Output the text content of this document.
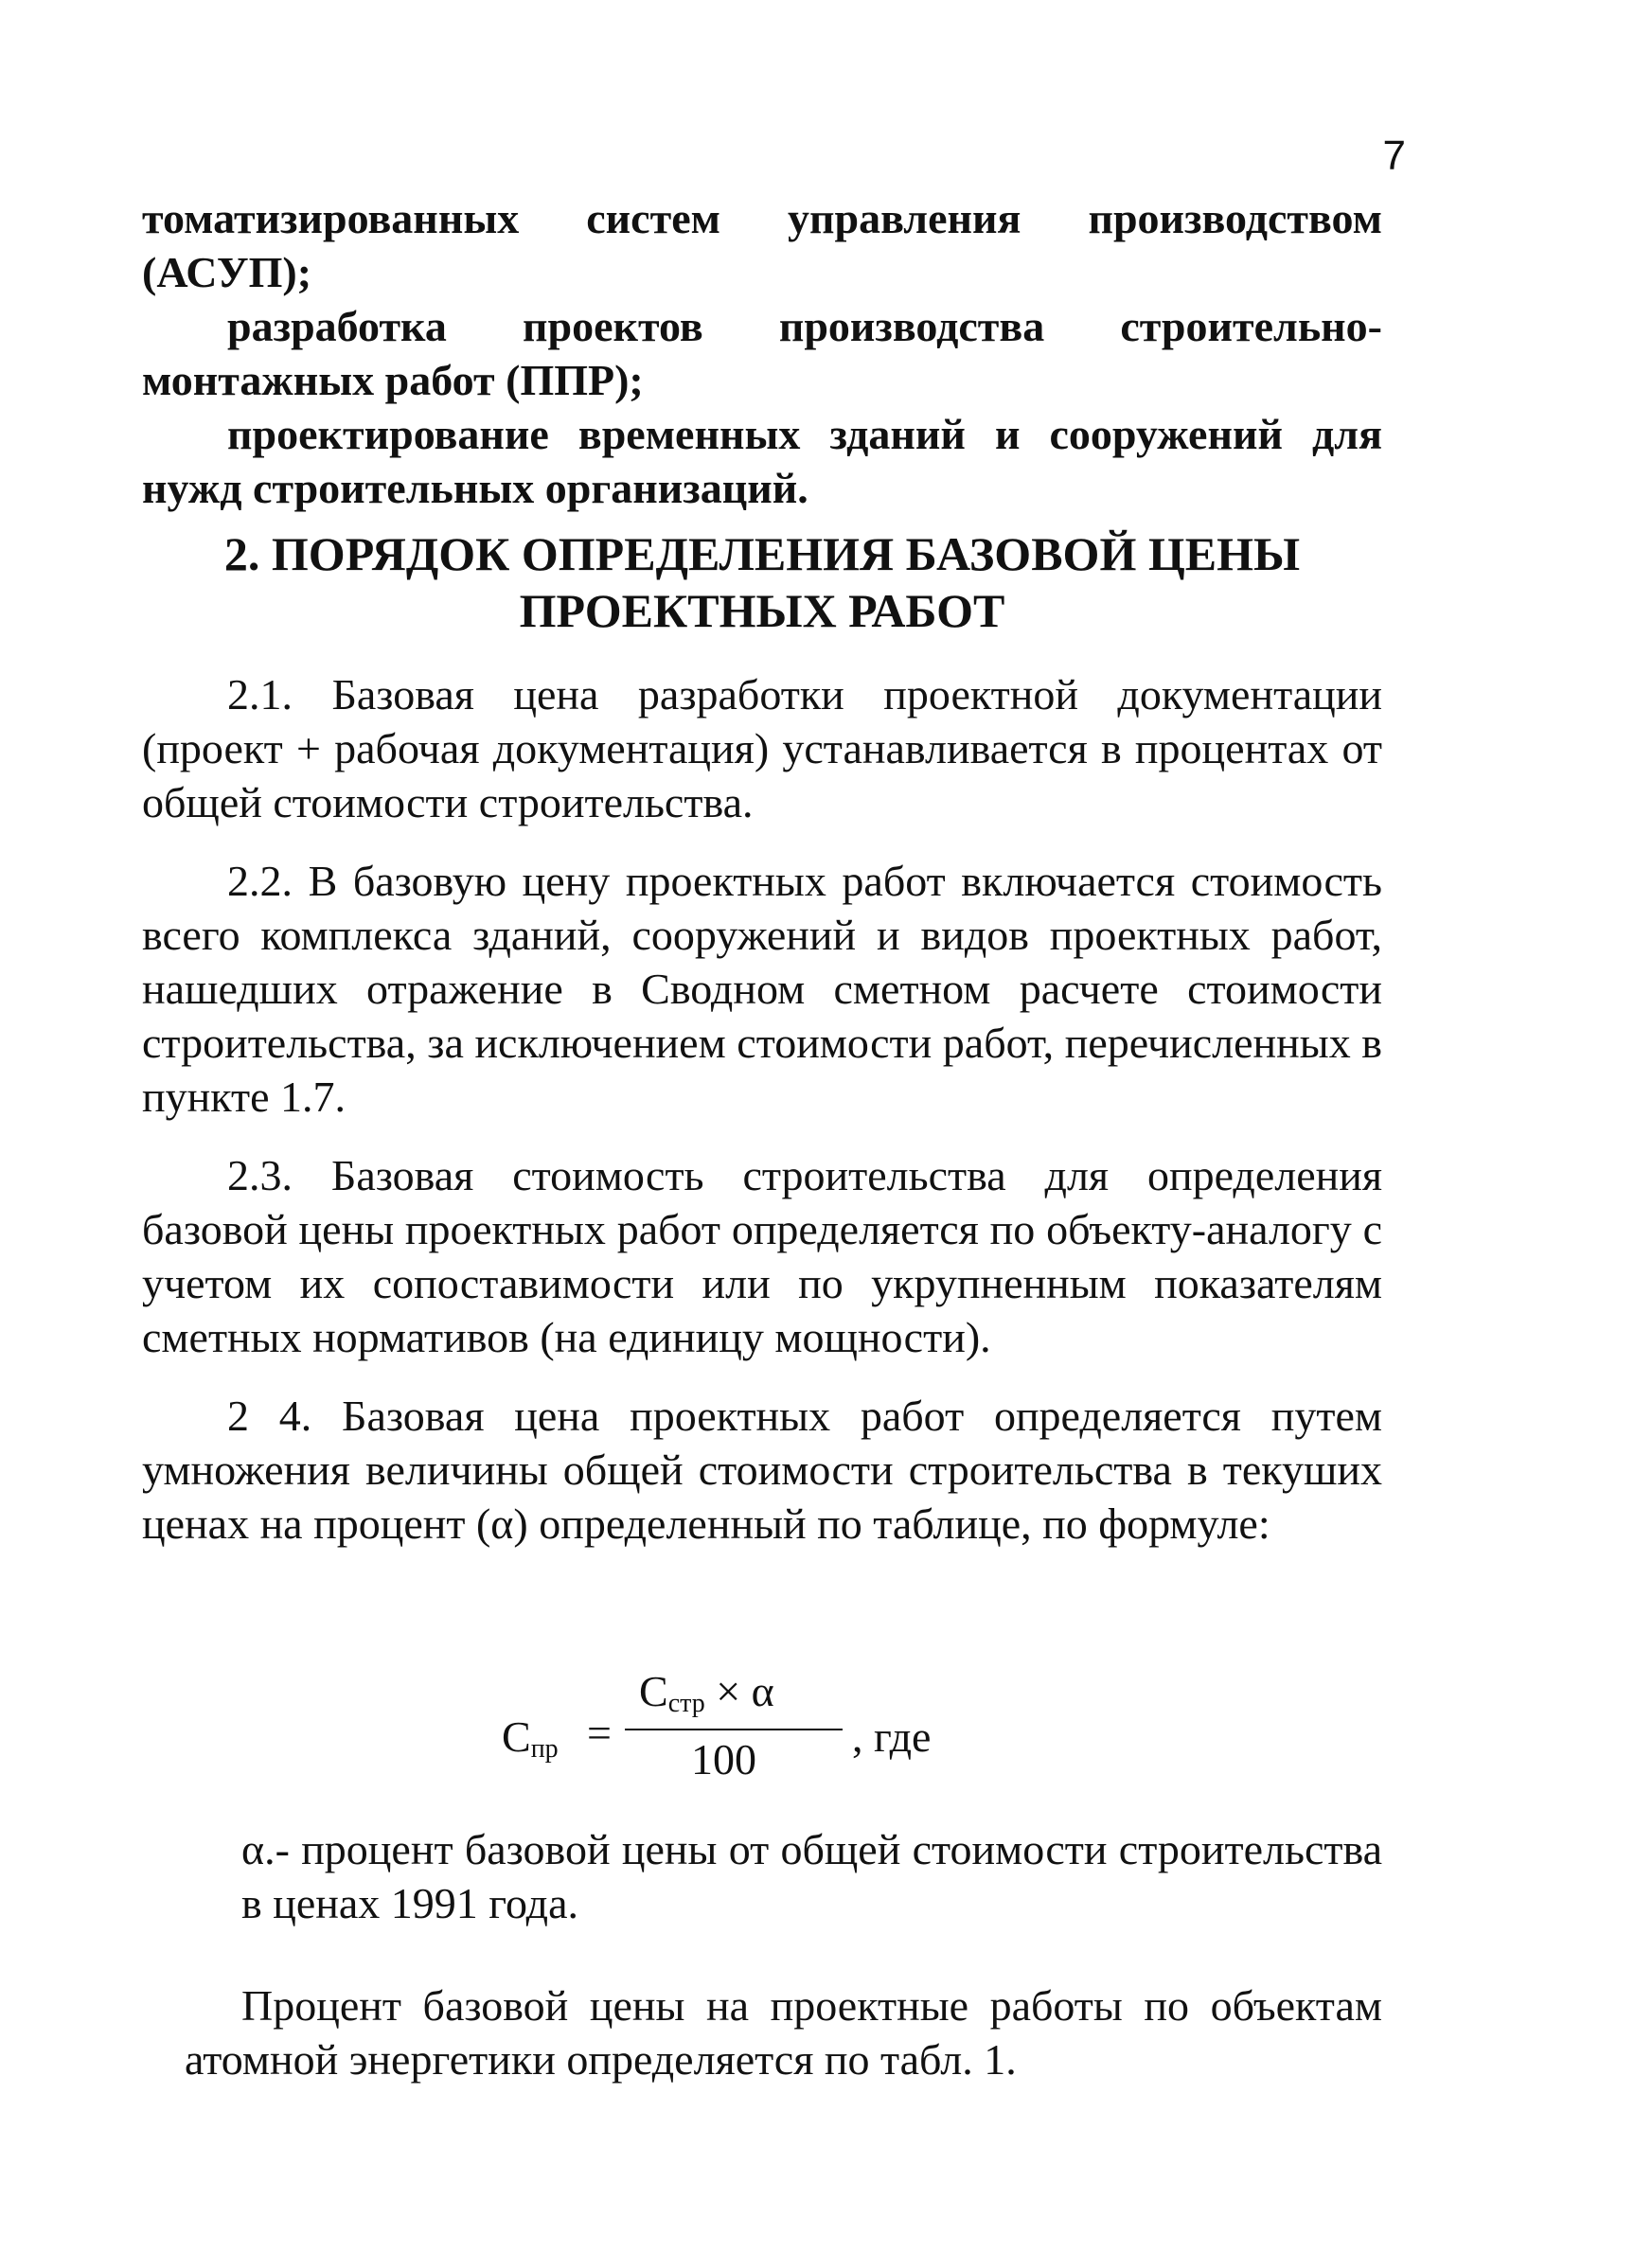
7

томатизированных систем управления производством (АСУП);

разработка проектов производства строительно-монтажных работ (ППР);

проектирование временных зданий и сооружений для нужд строительных организаций.

2. ПОРЯДОК ОПРЕДЕЛЕНИЯ БАЗОВОЙ ЦЕНЫ
ПРОЕКТНЫХ РАБОТ

2.1. Базовая цена разработки проектной документации (проект + рабочая документация) устанавливается в процентах от общей стоимости строительства.

2.2. В базовую цену проектных работ включается стоимость всего комплекса зданий, сооружений и видов проектных работ, нашедших отражение в Сводном сметном расчете стоимости строительства, за исключением стоимости работ, перечисленных в пункте 1.7.

2.3. Базовая стоимость строительства для определения базовой цены проектных работ определяется по объекту-аналогу с учетом их сопоставимости или по укрупненным показателям сметных нормативов (на единицу мощности).

2 4. Базовая цена проектных работ определяется путем умножения величины общей стоимости строительства в текуших ценах на процент (α) определенный по таблице, по формуле:

$C_{пр}$ =
$C_{стр} \times \alpha$
100 , где
α.- процент базовой цены от общей стоимости строительства в ценах 1991 года.
Процент базовой цены на проектные работы по объектам атомной энергетики определяется по табл. 1.
